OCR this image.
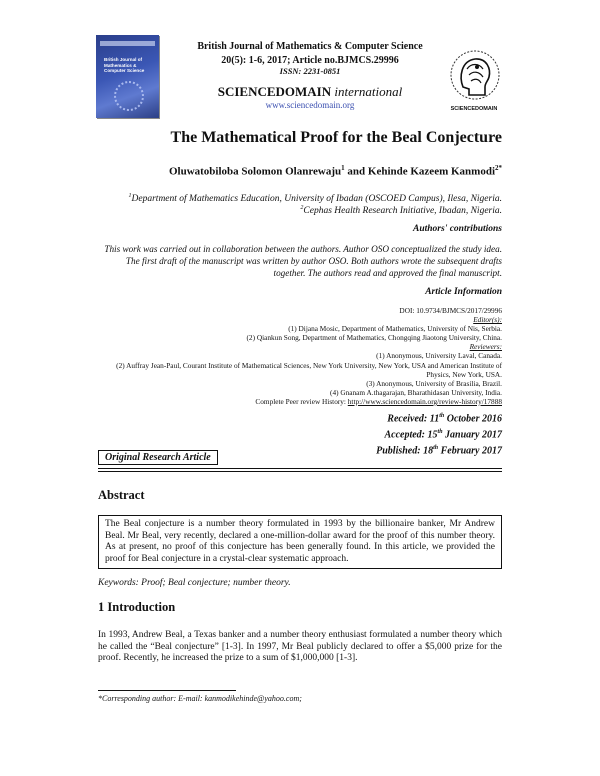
British Journal of Mathematics & Computer Science
British Journal of Mathematics & Computer Science
20(5): 1-6, 2017; Article no.BJMCS.29996
ISSN: 2231-0851
SCIENCEDOMAIN international
www.sciencedomain.org	SCIENCEDOMAIN
The Mathematical Proof for the Beal Conjecture
Oluwatobiloba Solomon Olanrewaju$^1$ and Kehinde Kazeem Kanmodi$^{2*}$
$^1$Department of Mathematics Education, University of Ibadan (OSCOED Campus), Ilesa, Nigeria.
$^2$Cephas Health Research Initiative, Ibadan, Nigeria.
Authors' contributions
This work was carried out in collaboration between the authors. Author OSO conceptualized the study idea.
The first draft of the manuscript was written by author OSO. Both authors wrote the subsequent drafts
together. The authors read and approved the final manuscript.
Article Information
DOI: 10.9734/BJMCS/2017/29996
Editor(s):
(1) Dijana Mosic, Department of Mathematics, University of Nis, Serbia.
(2) Qiankun Song, Department of Mathematics, Chongqing Jiaotong University, China.
Reviewers:
(1) Anonymous, University Laval, Canada.
(2) Auffray Jean-Paul, Courant Institute of Mathematical Sciences, New York University, New York, USA and American Institute of
Physics, New York, USA.
(3) Anonymous, University of Brasilia, Brazil.
(4) Gnanam A.thagarajan, Bharathidasan University, India.
Complete Peer review History: http://www.sciencedomain.org/review-history/17888
Received: 11th October 2016
Accepted: 15th January 2017
Published: 18th February 2017
Original Research Article
Abstract
The Beal conjecture is a number theory formulated in 1993 by the billionaire banker, Mr Andrew Beal. Mr Beal, very recently, declared a one-million-dollar award for the proof of this number theory. As at present, no proof of this conjecture has been generally found. In this article, we provided the proof for Beal conjecture in a crystal-clear systematic approach.
Keywords: Proof; Beal conjecture; number theory.
1 Introduction
In 1993, Andrew Beal, a Texas banker and a number theory enthusiast formulated a number theory which he called the “Beal conjecture” [1-3]. In 1997, Mr Beal publicly declared to offer a $5,000 prize for the proof. Recently, he increased the prize to a sum of $1,000,000 [1-3].
*Corresponding author: E-mail: kanmodikehinde@yahoo.com;
